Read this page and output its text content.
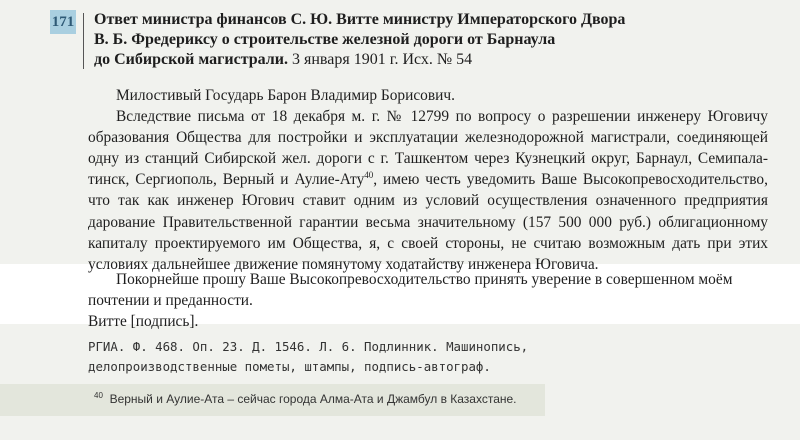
171 Ответ министра финансов С. Ю. Витте министру Императорского Двора
В. Б. Фредериксу о строительстве железной дороги от Барнаула
до Сибирской магистрали. 3 января 1901 г. Исх. № 54
Милостивый Государь Барон Владимир Борисович.
Вследствие письма от 18 декабря м. г. № 12799 по вопросу о разрешении инженеру Юговичу
образования Общества для постройки и эксплуатации железнодорожной магистрали, соединяющей
одну из станций Сибирской жел. дороги с г. Ташкентом через Кузнецкий округ, Барнаул, Семипала-
тинск, Сергиополь, Верный и Аулие-Ату$^{40}$, имею честь уведомить Ваше Высокопревосходительство,
что так как инженер Югович ставит одним из условий осуществления означенного предприятия
дарование Правительственной гарантии весьма значительному (157 500 000 руб.) облигационному
капиталу проектируемого им Общества, я, с своей стороны, не считаю возможным дать при этих
условиях дальнейшее движение помянутому ходатайству инженера Юговича.
Покорнейше прошу Ваше Высокопревосходительство принять уверение в совершенном моём
почтении и преданности.
Витте [подпись].
РГИА. Ф. 468. Оп. 23. Д. 1546. Л. 6. Подлинник. Машинопись,
делопроизводственные пометы, штампы, подпись-автограф.
$^{40}$ Верный и Аулие-Ата – сейчас города Алма-Ата и Джамбул в Казахстане.
